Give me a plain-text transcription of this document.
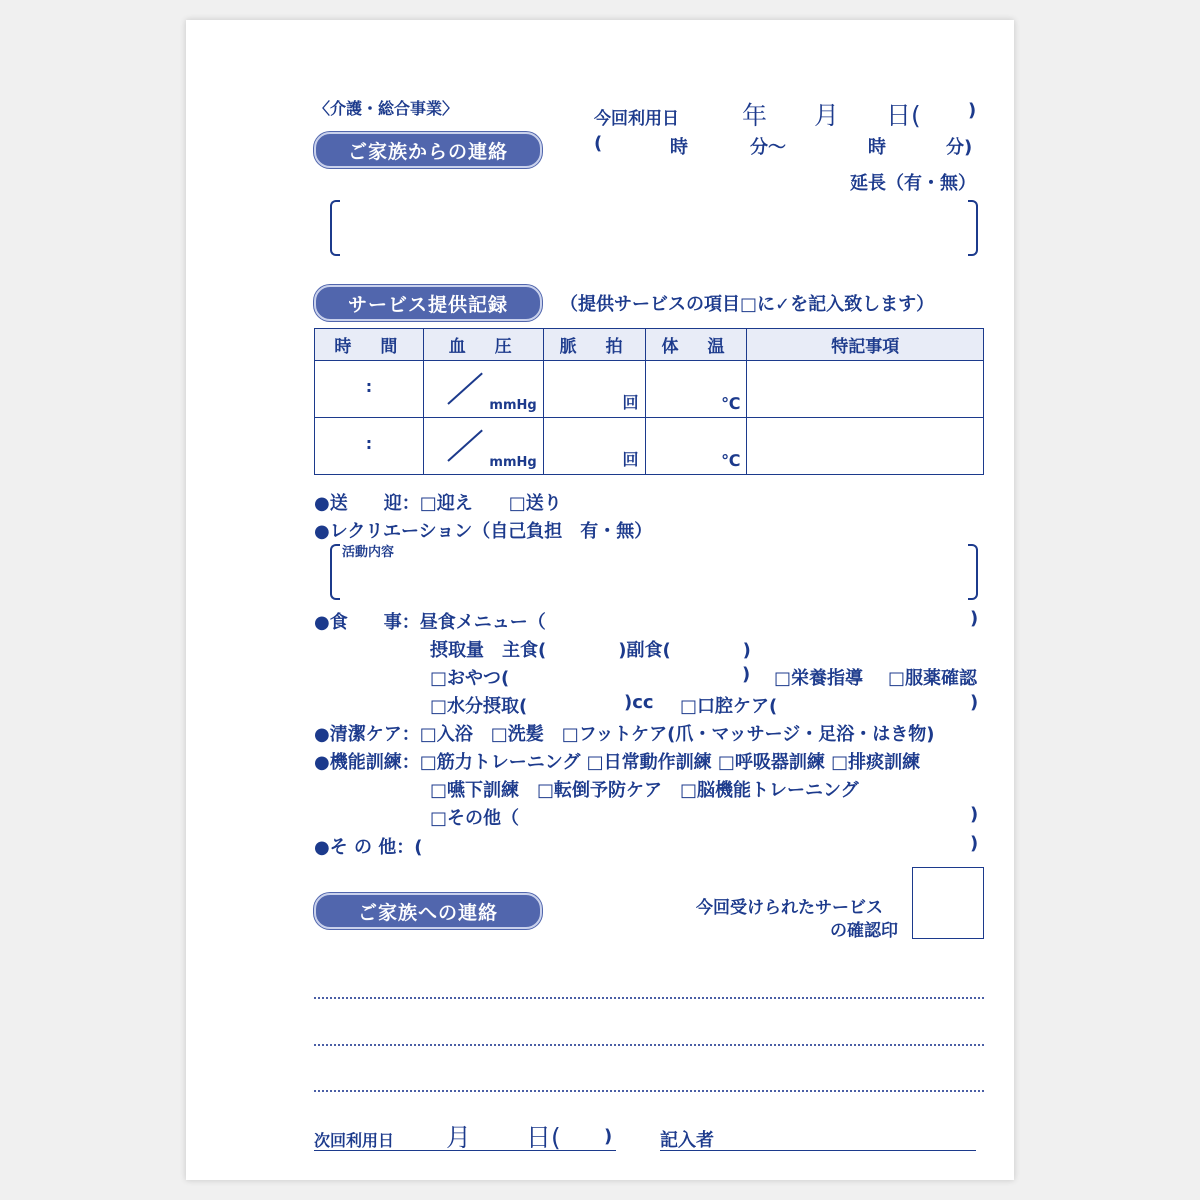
〈介護・総合事業〉
今回利用日	年 月 日(	)
(	時	分〜	時	分)
延長（有・無）
ご家族からの連絡
サービス提供記録	（提供サービスの項目□に✓を記入致します）
時　間	血　圧	脈　拍	体　温	特記事項

:	mmHg	回	℃	

:	mmHg	回	℃	

●送　　迎：□迎え　　□送り
●レクリエーション（自己負担　有・無）
活動内容
●食　　事：昼食メニュー（	)
摂取量　主食(　　　　)副食(　　　　)
□おやつ(	) □栄養指導 □服薬確認
□水分摂取(	)cc □口腔ケア(	)
●清潔ケア：□入浴　□洗髪　□フットケア(爪・マッサージ・足浴・はき物)
●機能訓練：□筋力トレーニング □日常動作訓練 □呼吸器訓練 □排痰訓練
□嚥下訓練　□転倒予防ケア　□脳機能トレーニング
□その他（	)
●そ の 他：(	)
ご家族への連絡	今回受けられたサービス
の確認印
次回利用日 月 日( )	記入者
